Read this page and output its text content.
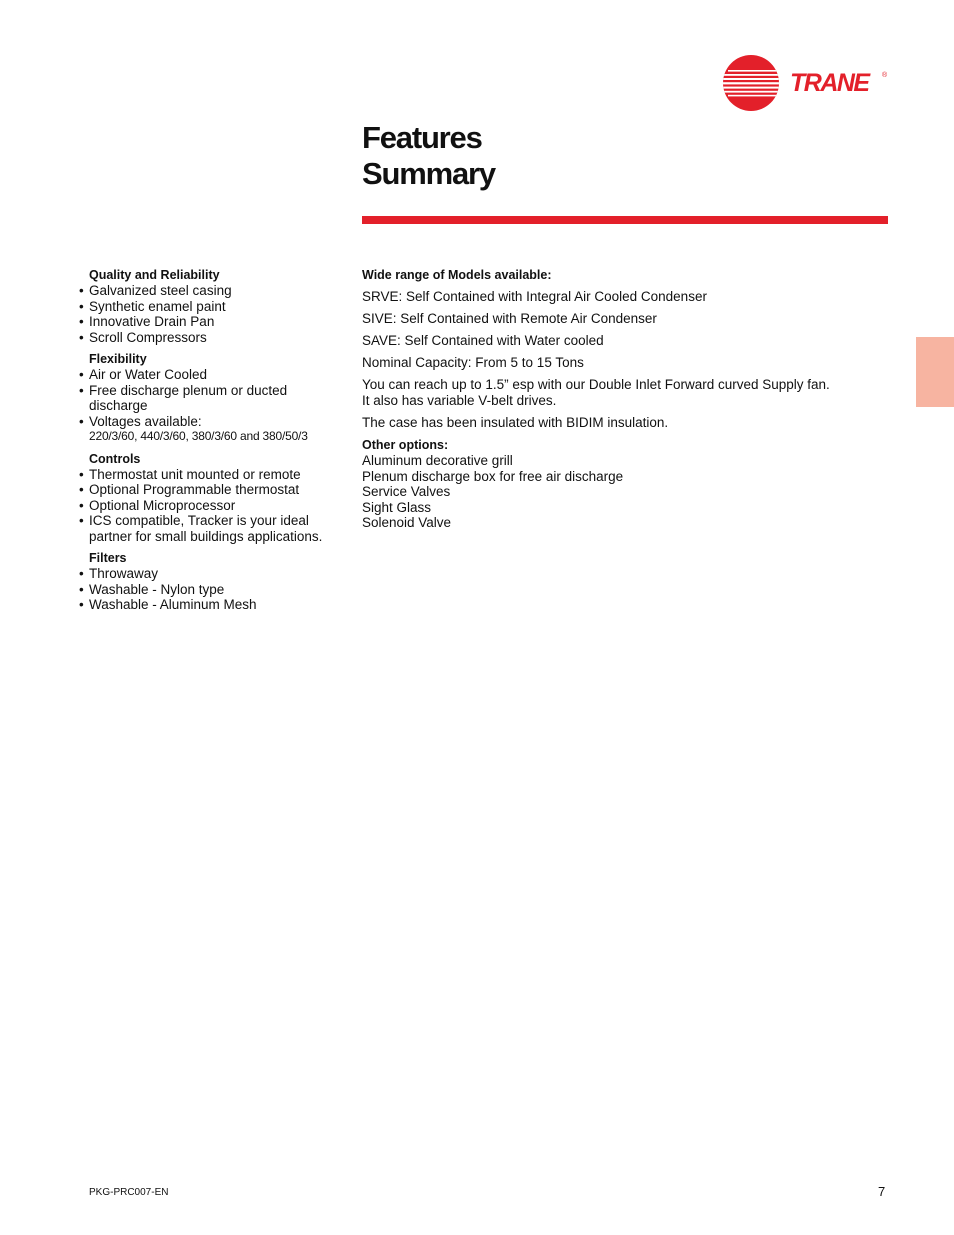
TRANE	®
Features
Summary
Quality and Reliability
• Galvanized steel casing
• Synthetic enamel paint
• Innovative Drain Pan
• Scroll Compressors
Flexibility
• Air or Water Cooled
• Free discharge plenum or ducted discharge
• Voltages available:
220/3/60, 440/3/60, 380/3/60 and 380/50/3
Controls
• Thermostat unit mounted or remote
• Optional Programmable thermostat
• Optional Microprocessor
• ICS compatible, Tracker is your ideal partner for small buildings applications.
Filters
• Throwaway
• Washable - Nylon type
• Washable - Aluminum Mesh
Wide range of Models available:

SRVE: Self Contained with Integral Air Cooled Condenser

SIVE: Self Contained with Remote Air Condenser

SAVE: Self Contained with Water cooled

Nominal Capacity: From 5 to 15 Tons

You can reach up to 1.5” esp with our Double Inlet Forward curved Supply fan. It also has variable V-belt drives.

The case has been insulated with BIDIM insulation.

Other options:
Aluminum decorative grill
Plenum discharge box for free air discharge
Service Valves
Sight Glass
Solenoid Valve
PKG-PRC007-EN	7
